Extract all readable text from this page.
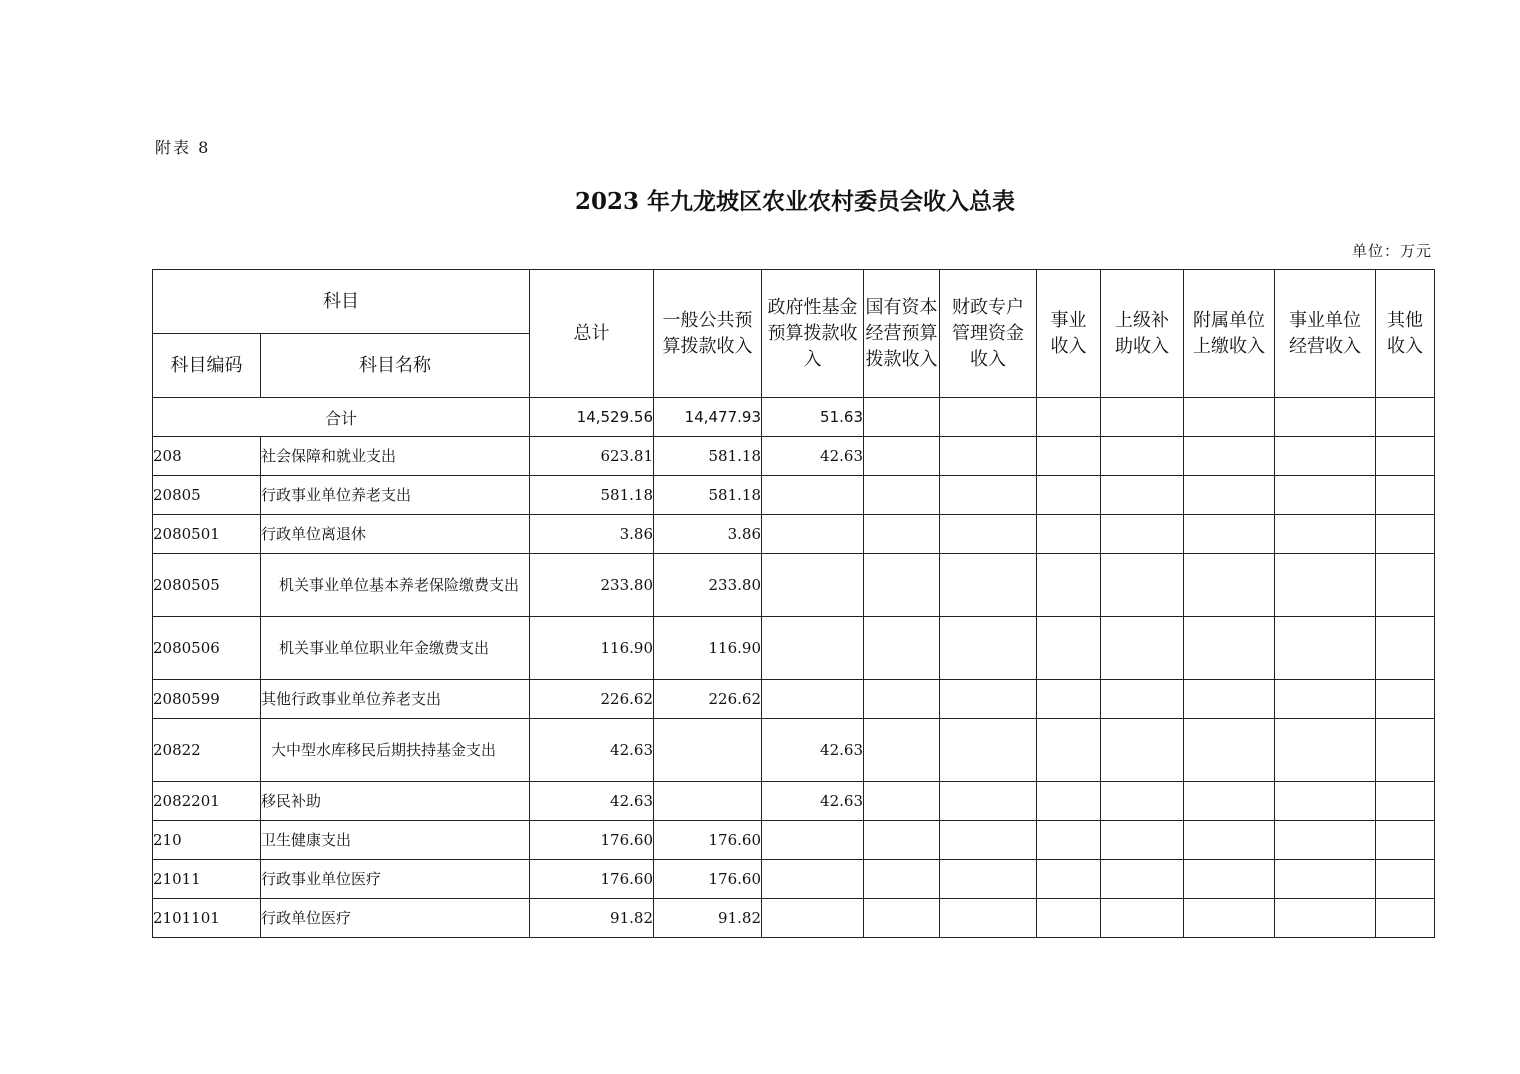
附表 8
2023 年九龙坡区农业农村委员会收入总表
单位：万元
科目		总计	一般公共预算拨款收入	政府性基金预算拨款收入	国有资本经营预算拨款收入	财政专户管理资金收入	事业收入	上级补助收入	附属单位上缴收入	事业单位经营收入	其他收入
科目编码	科目名称										
合计		14,529.56	14,477.93	51.63							
208	社会保障和就业支出	623.81	581.18	42.63							
20805	行政事业单位养老支出	581.18	581.18								
2080501	行政单位离退休	3.86	3.86								
2080505	机关事业单位基本养老保险缴费支出	233.80	233.80								
2080506	机关事业单位职业年金缴费支出	116.90	116.90								
2080599	其他行政事业单位养老支出	226.62	226.62								
20822	大中型水库移民后期扶持基金支出	42.63		42.63							
2082201	移民补助	42.63		42.63							
210	卫生健康支出	176.60	176.60								
21011	行政事业单位医疗	176.60	176.60								
2101101	行政单位医疗	91.82	91.82								
